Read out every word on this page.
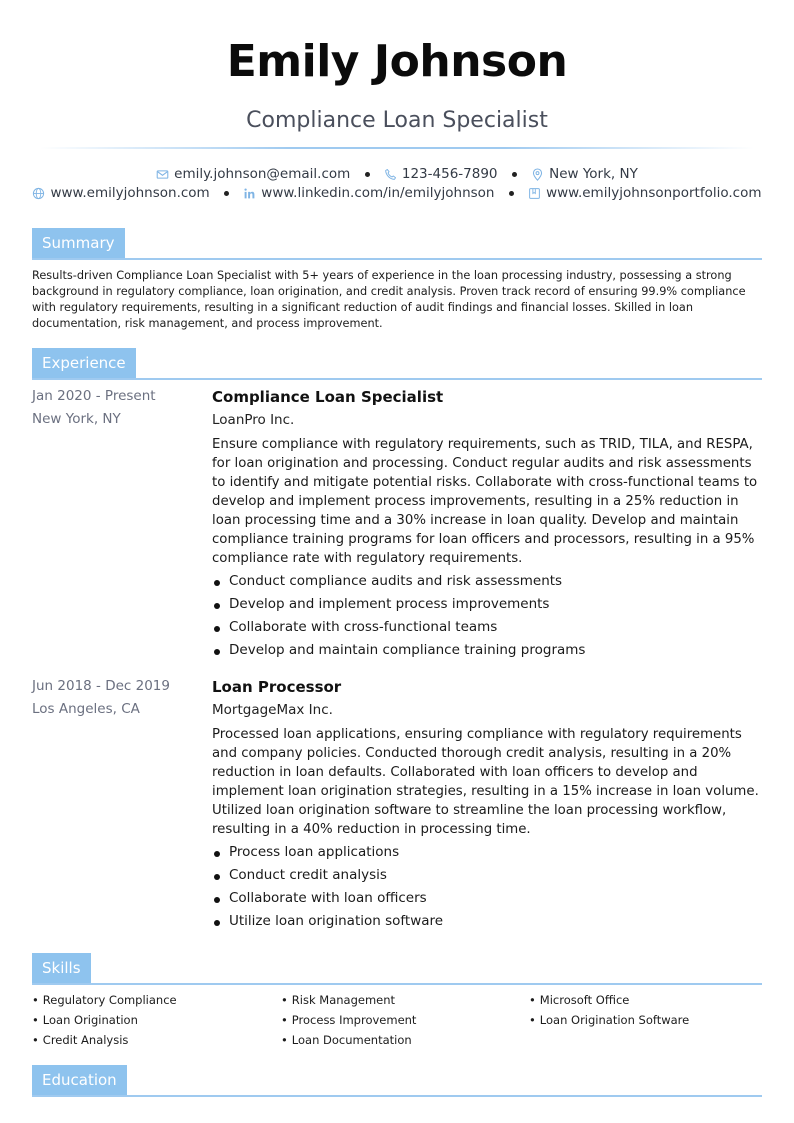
Emily Johnson
Compliance Loan Specialist
emily.johnson@email.com
	123-456-7890
	New York, NY
www.emilyjohnson.com
	www.linkedin.com/in/emilyjohnson
	www.emilyjohnsonportfolio.com
Summary
Results-driven Compliance Loan Specialist with 5+ years of experience in the loan processing industry, possessing a strong background in regulatory compliance, loan origination, and credit analysis. Proven track record of ensuring 99.9% compliance with regulatory requirements, resulting in a significant reduction of audit findings and financial losses. Skilled in loan documentation, risk management, and process improvement.
Experience
Jan 2020 - Present
New York, NY
Compliance Loan Specialist
LoanPro Inc.
Ensure compliance with regulatory requirements, such as TRID, TILA, and RESPA, for loan origination and processing. Conduct regular audits and risk assessments to identify and mitigate potential risks. Collaborate with cross-functional teams to develop and implement process improvements, resulting in a 25% reduction in loan processing time and a 30% increase in loan quality. Develop and maintain compliance training programs for loan officers and processors, resulting in a 95% compliance rate with regulatory requirements.
Conduct compliance audits and risk assessments
Develop and implement process improvements
Collaborate with cross-functional teams
Develop and maintain compliance training programs
Jun 2018 - Dec 2019
Los Angeles, CA
Loan Processor
MortgageMax Inc.
Processed loan applications, ensuring compliance with regulatory requirements and company policies. Conducted thorough credit analysis, resulting in a 20% reduction in loan defaults. Collaborated with loan officers to develop and implement loan origination strategies, resulting in a 15% increase in loan volume. Utilized loan origination software to streamline the loan processing workflow, resulting in a 40% reduction in processing time.
Process loan applications
Conduct credit analysis
Collaborate with loan officers
Utilize loan origination software
Skills
• Regulatory Compliance
• Loan Origination
• Credit Analysis
• Risk Management
• Process Improvement
• Loan Documentation
• Microsoft Office
• Loan Origination Software
Education
